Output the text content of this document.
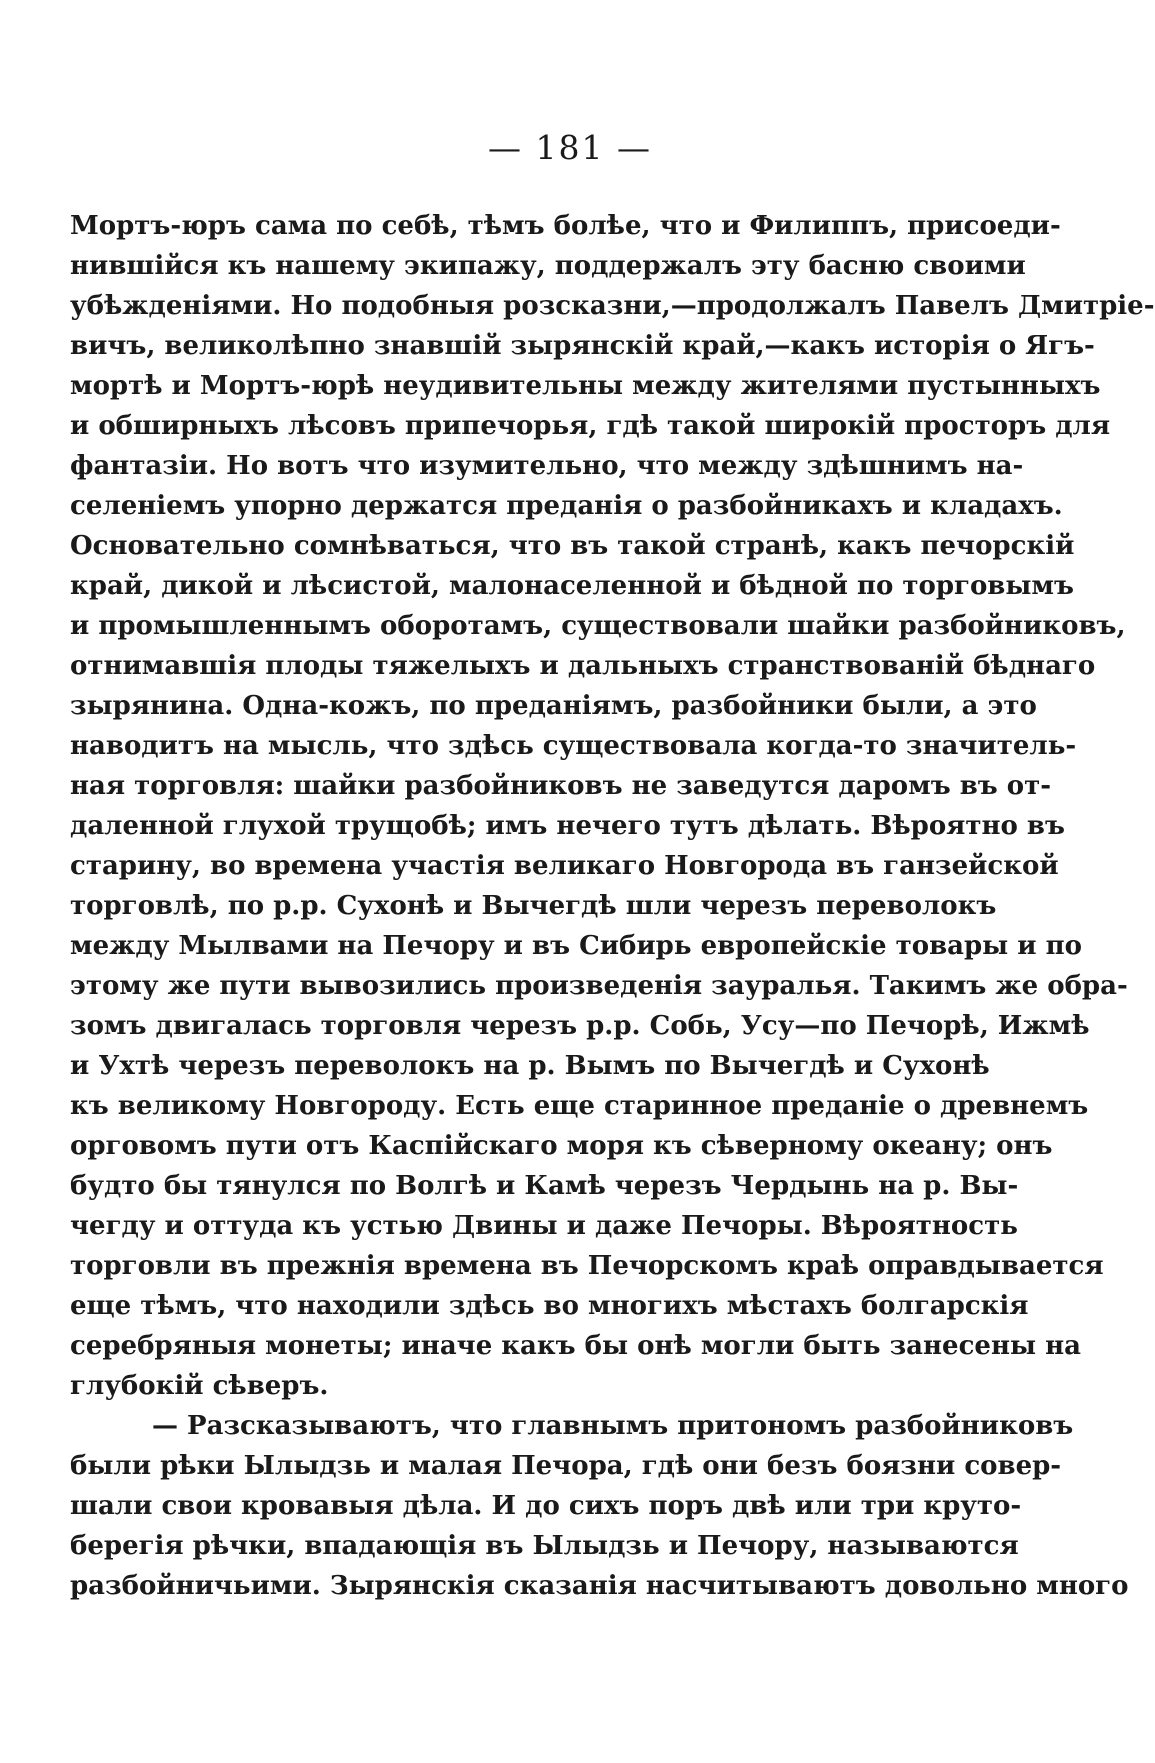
— 181 —
Мортъ-юръ сама по себѣ, тѣмъ болѣе, что и Филиппъ, присоеди-
нившійся къ нашему экипажу, поддержалъ эту басню своими
убѣжденіями. Но подобныя розсказни,—продолжалъ Павелъ Дмитріе-
вичъ, великолѣпно знавшій зырянскій край,—какъ исторія о Ягъ-
мортѣ и Мортъ-юрѣ неудивительны между жителями пустынныхъ
и обширныхъ лѣсовъ припечорья, гдѣ такой широкій просторъ для
фантазіи. Но вотъ что изумительно, что между здѣшнимъ на-
селеніемъ упорно держатся преданія о разбойникахъ и кладахъ.
Основательно сомнѣваться, что въ такой странѣ, какъ печорскій
край, дикой и лѣсистой, малонаселенной и бѣдной по торговымъ
и промышленнымъ оборотамъ, существовали шайки разбойниковъ,
отнимавшія плоды тяжелыхъ и дальныхъ странствованій бѣднаго
зырянина. Одна-кожъ, по преданіямъ, разбойники были, а это
наводитъ на мысль, что здѣсь существовала когда-то значитель-
ная торговля: шайки разбойниковъ не заведутся даромъ въ от-
даленной глухой трущобѣ; имъ нечего тутъ дѣлать. Вѣроятно въ
старину, во времена участія великаго Новгорода въ ганзейской
торговлѣ, по р.р. Сухонѣ и Вычегдѣ шли черезъ переволокъ
между Мылвами на Печору и въ Сибирь европейскіе товары и по
этому же пути вывозились произведенія зауралья. Такимъ же обра-
зомъ двигалась торговля черезъ р.р. Собь, Усу—по Печорѣ, Ижмѣ
и Ухтѣ черезъ переволокъ на р. Вымъ по Вычегдѣ и Сухонѣ
къ великому Новгороду. Есть еще старинное преданіе о древнемъ
орговомъ пути отъ Каспійскаго моря къ сѣверному океану; онъ
будто бы тянулся по Волгѣ и Камѣ черезъ Чердынь на р. Вы-
чегду и оттуда къ устью Двины и даже Печоры. Вѣроятность
торговли въ прежнія времена въ Печорскомъ краѣ оправдывается
еще тѣмъ, что находили здѣсь во многихъ мѣстахъ болгарскія
серебряныя монеты; иначе какъ бы онѣ могли быть занесены на
глубокій сѣверъ.
— Разсказываютъ, что главнымъ притономъ разбойниковъ
были рѣки Ылыдзь и малая Печора, гдѣ они безъ боязни совер-
шали свои кровавыя дѣла. И до сихъ поръ двѣ или три круто-
берегія рѣчки, впадающія въ Ылыдзь и Печору, называются
разбойничьими. Зырянскія сказанія насчитываютъ довольно много
